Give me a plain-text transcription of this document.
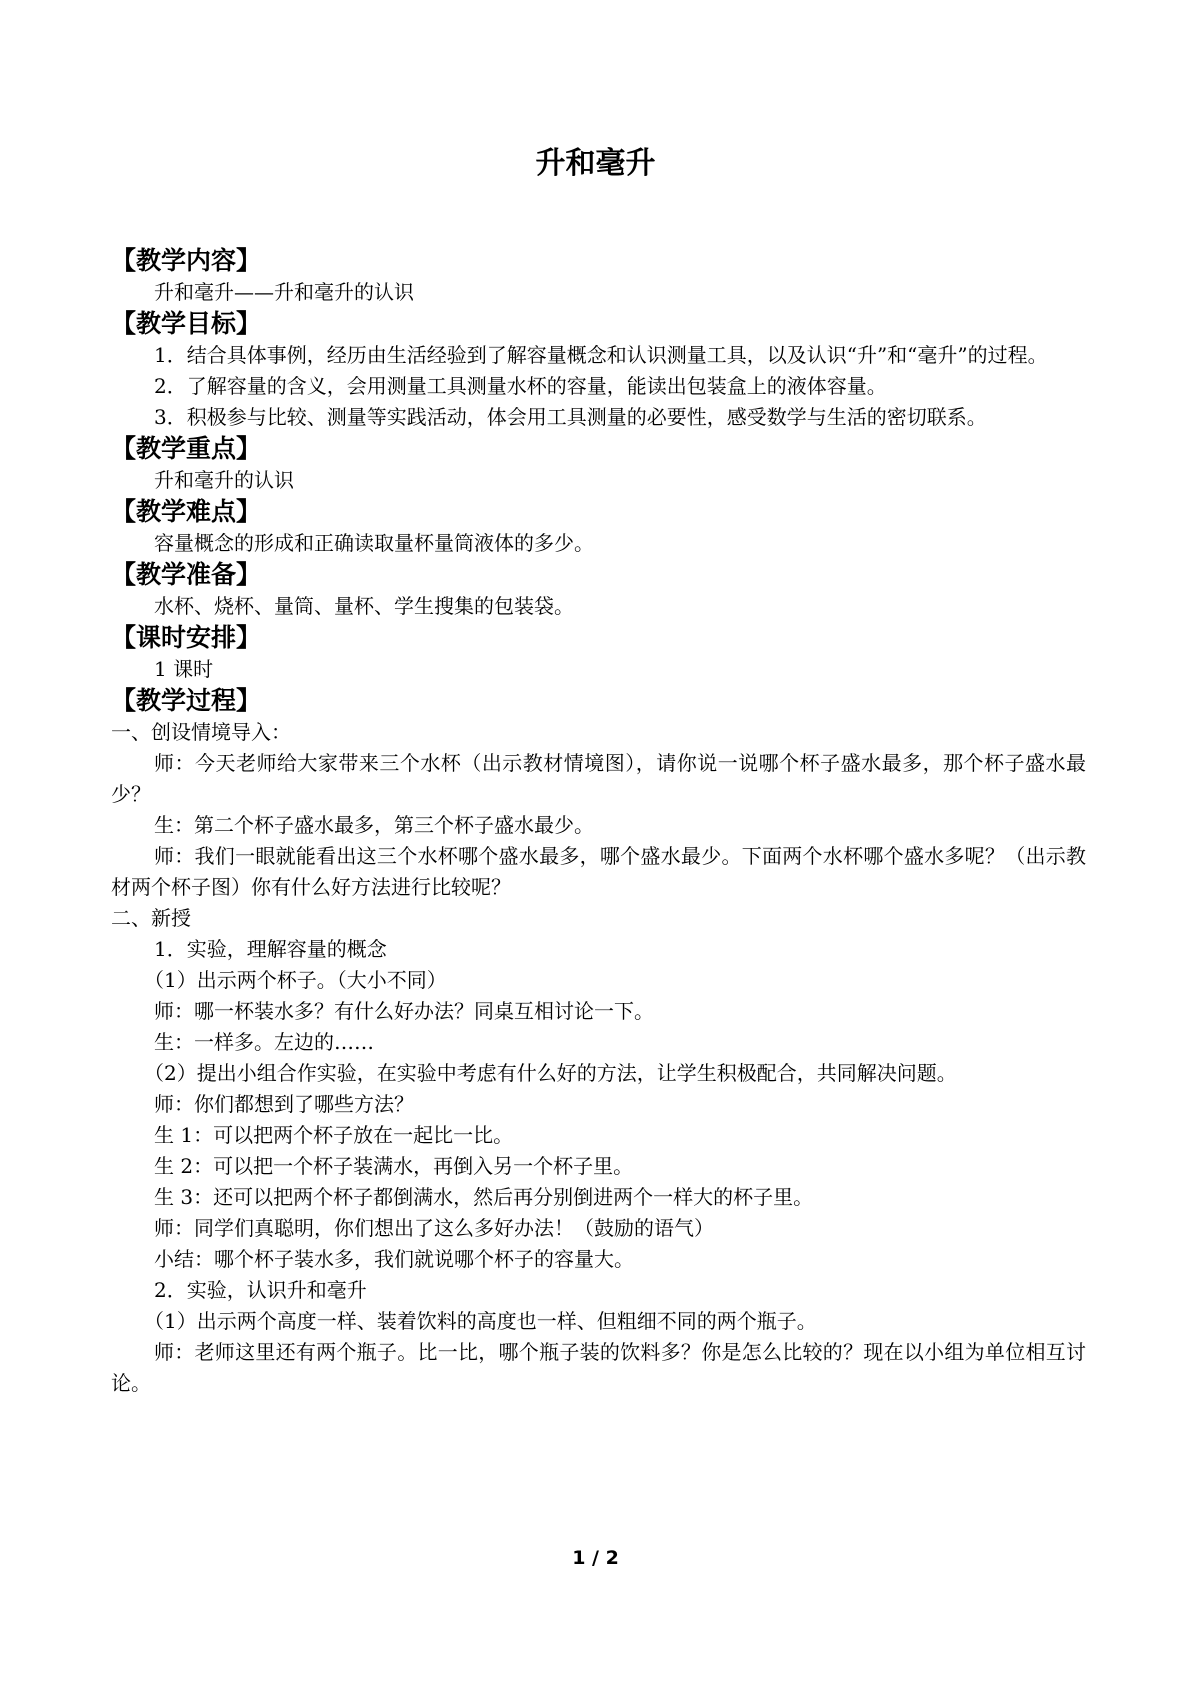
升和毫升
【教学内容】

升和毫升——升和毫升的认识

【教学目标】

1．结合具体事例，经历由生活经验到了解容量概念和认识测量工具，以及认识“升”和“毫升”的过程。

2．了解容量的含义，会用测量工具测量水杯的容量，能读出包装盒上的液体容量。

3．积极参与比较、测量等实践活动，体会用工具测量的必要性，感受数学与生活的密切联系。

【教学重点】

升和毫升的认识

【教学难点】

容量概念的形成和正确读取量杯量筒液体的多少。

【教学准备】

水杯、烧杯、量筒、量杯、学生搜集的包装袋。

【课时安排】

1 课时

【教学过程】

一、创设情境导入：

师：今天老师给大家带来三个水杯（出示教材情境图），请你说一说哪个杯子盛水最多，那个杯子盛水最少？

生：第二个杯子盛水最多，第三个杯子盛水最少。

师：我们一眼就能看出这三个水杯哪个盛水最多，哪个盛水最少。下面两个水杯哪个盛水多呢？（出示教材两个杯子图）你有什么好方法进行比较呢？

二、新授

1．实验，理解容量的概念

（1）出示两个杯子。（大小不同）

师：哪一杯装水多？有什么好办法？同桌互相讨论一下。

生：一样多。左边的……

（2）提出小组合作实验，在实验中考虑有什么好的方法，让学生积极配合，共同解决问题。

师：你们都想到了哪些方法？

生 1：可以把两个杯子放在一起比一比。

生 2：可以把一个杯子装满水，再倒入另一个杯子里。

生 3：还可以把两个杯子都倒满水，然后再分别倒进两个一样大的杯子里。

师：同学们真聪明，你们想出了这么多好办法！（鼓励的语气）

小结：哪个杯子装水多，我们就说哪个杯子的容量大。

2．实验，认识升和毫升

（1）出示两个高度一样、装着饮料的高度也一样、但粗细不同的两个瓶子。

师：老师这里还有两个瓶子。比一比，哪个瓶子装的饮料多？你是怎么比较的？现在以小组为单位相互讨论。

1 / 2
